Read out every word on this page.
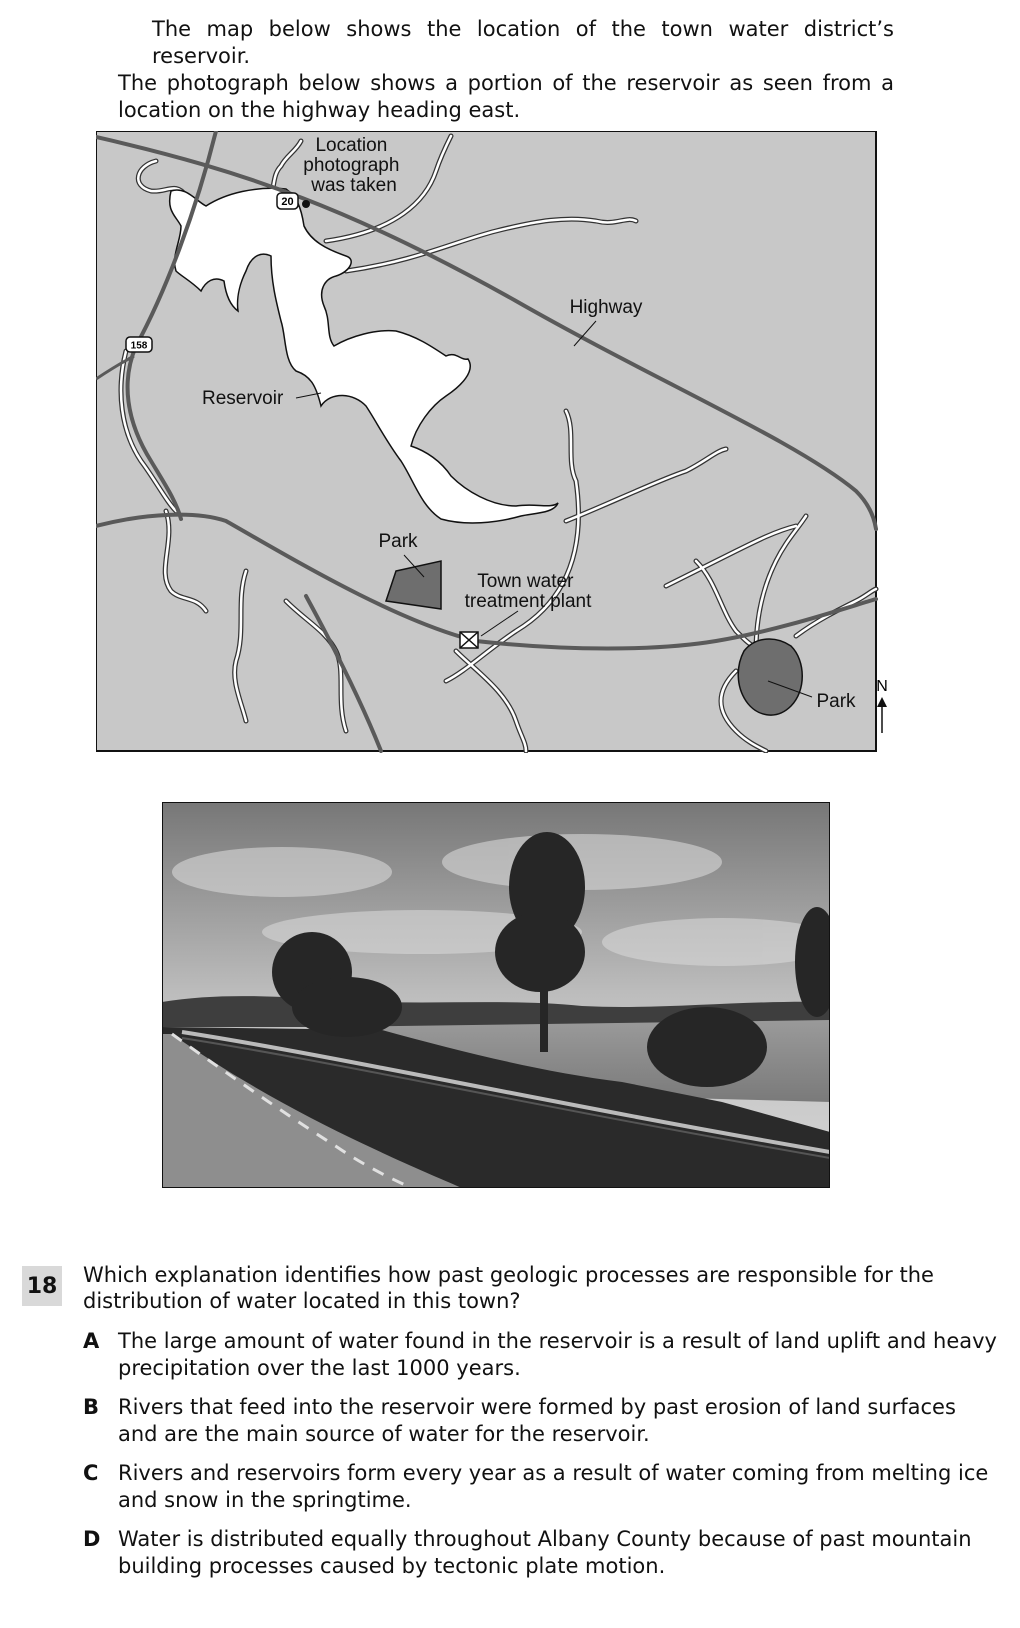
The map below shows the location of the town water district’s reservoir.
The photograph below shows a portion of the reservoir as seen from a location on the highway heading east.

20
158
Location photograph was taken
Highway
Reservoir
Park
Town water treatment plant
Park
N
18 Which explanation identifies how past geologic processes are responsible for the distribution of water located in this town?

A The large amount of water found in the reservoir is a result of land uplift and heavy precipitation over the last 1000 years.
B Rivers that feed into the reservoir were formed by past erosion of land surfaces and are the main source of water for the reservoir.
C Rivers and reservoirs form every year as a result of water coming from melting ice and snow in the springtime.
D Water is distributed equally throughout Albany County because of past mountain building processes caused by tectonic plate motion.
